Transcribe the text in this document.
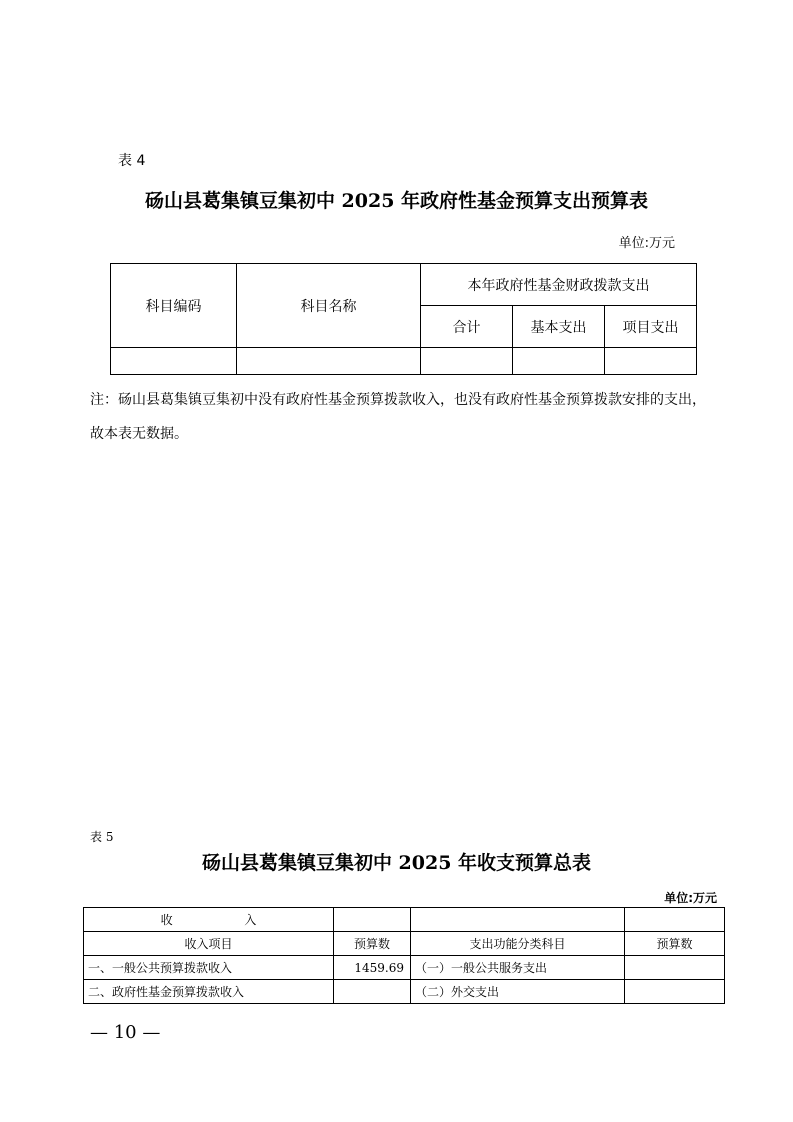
表 4
砀山县葛集镇豆集初中 2025 年政府性基金预算支出预算表
单位:万元
科目编码	科目名称	本年政府性基金财政拨款支出		
		合计	基本支出	项目支出

注：砀山县葛集镇豆集初中没有政府性基金预算拨款收入，也没有政府性基金预算拨款安排的支出，故本表无数据。
表 5
砀山县葛集镇豆集初中 2025 年收支预算总表
单位:万元
收 入			
收入项目	预算数	支出功能分类科目	预算数
一、一般公共预算拨款收入	1459.69	（一）一般公共服务支出	
二、政府性基金预算拨款收入		（二）外交支出	
— 10 —
